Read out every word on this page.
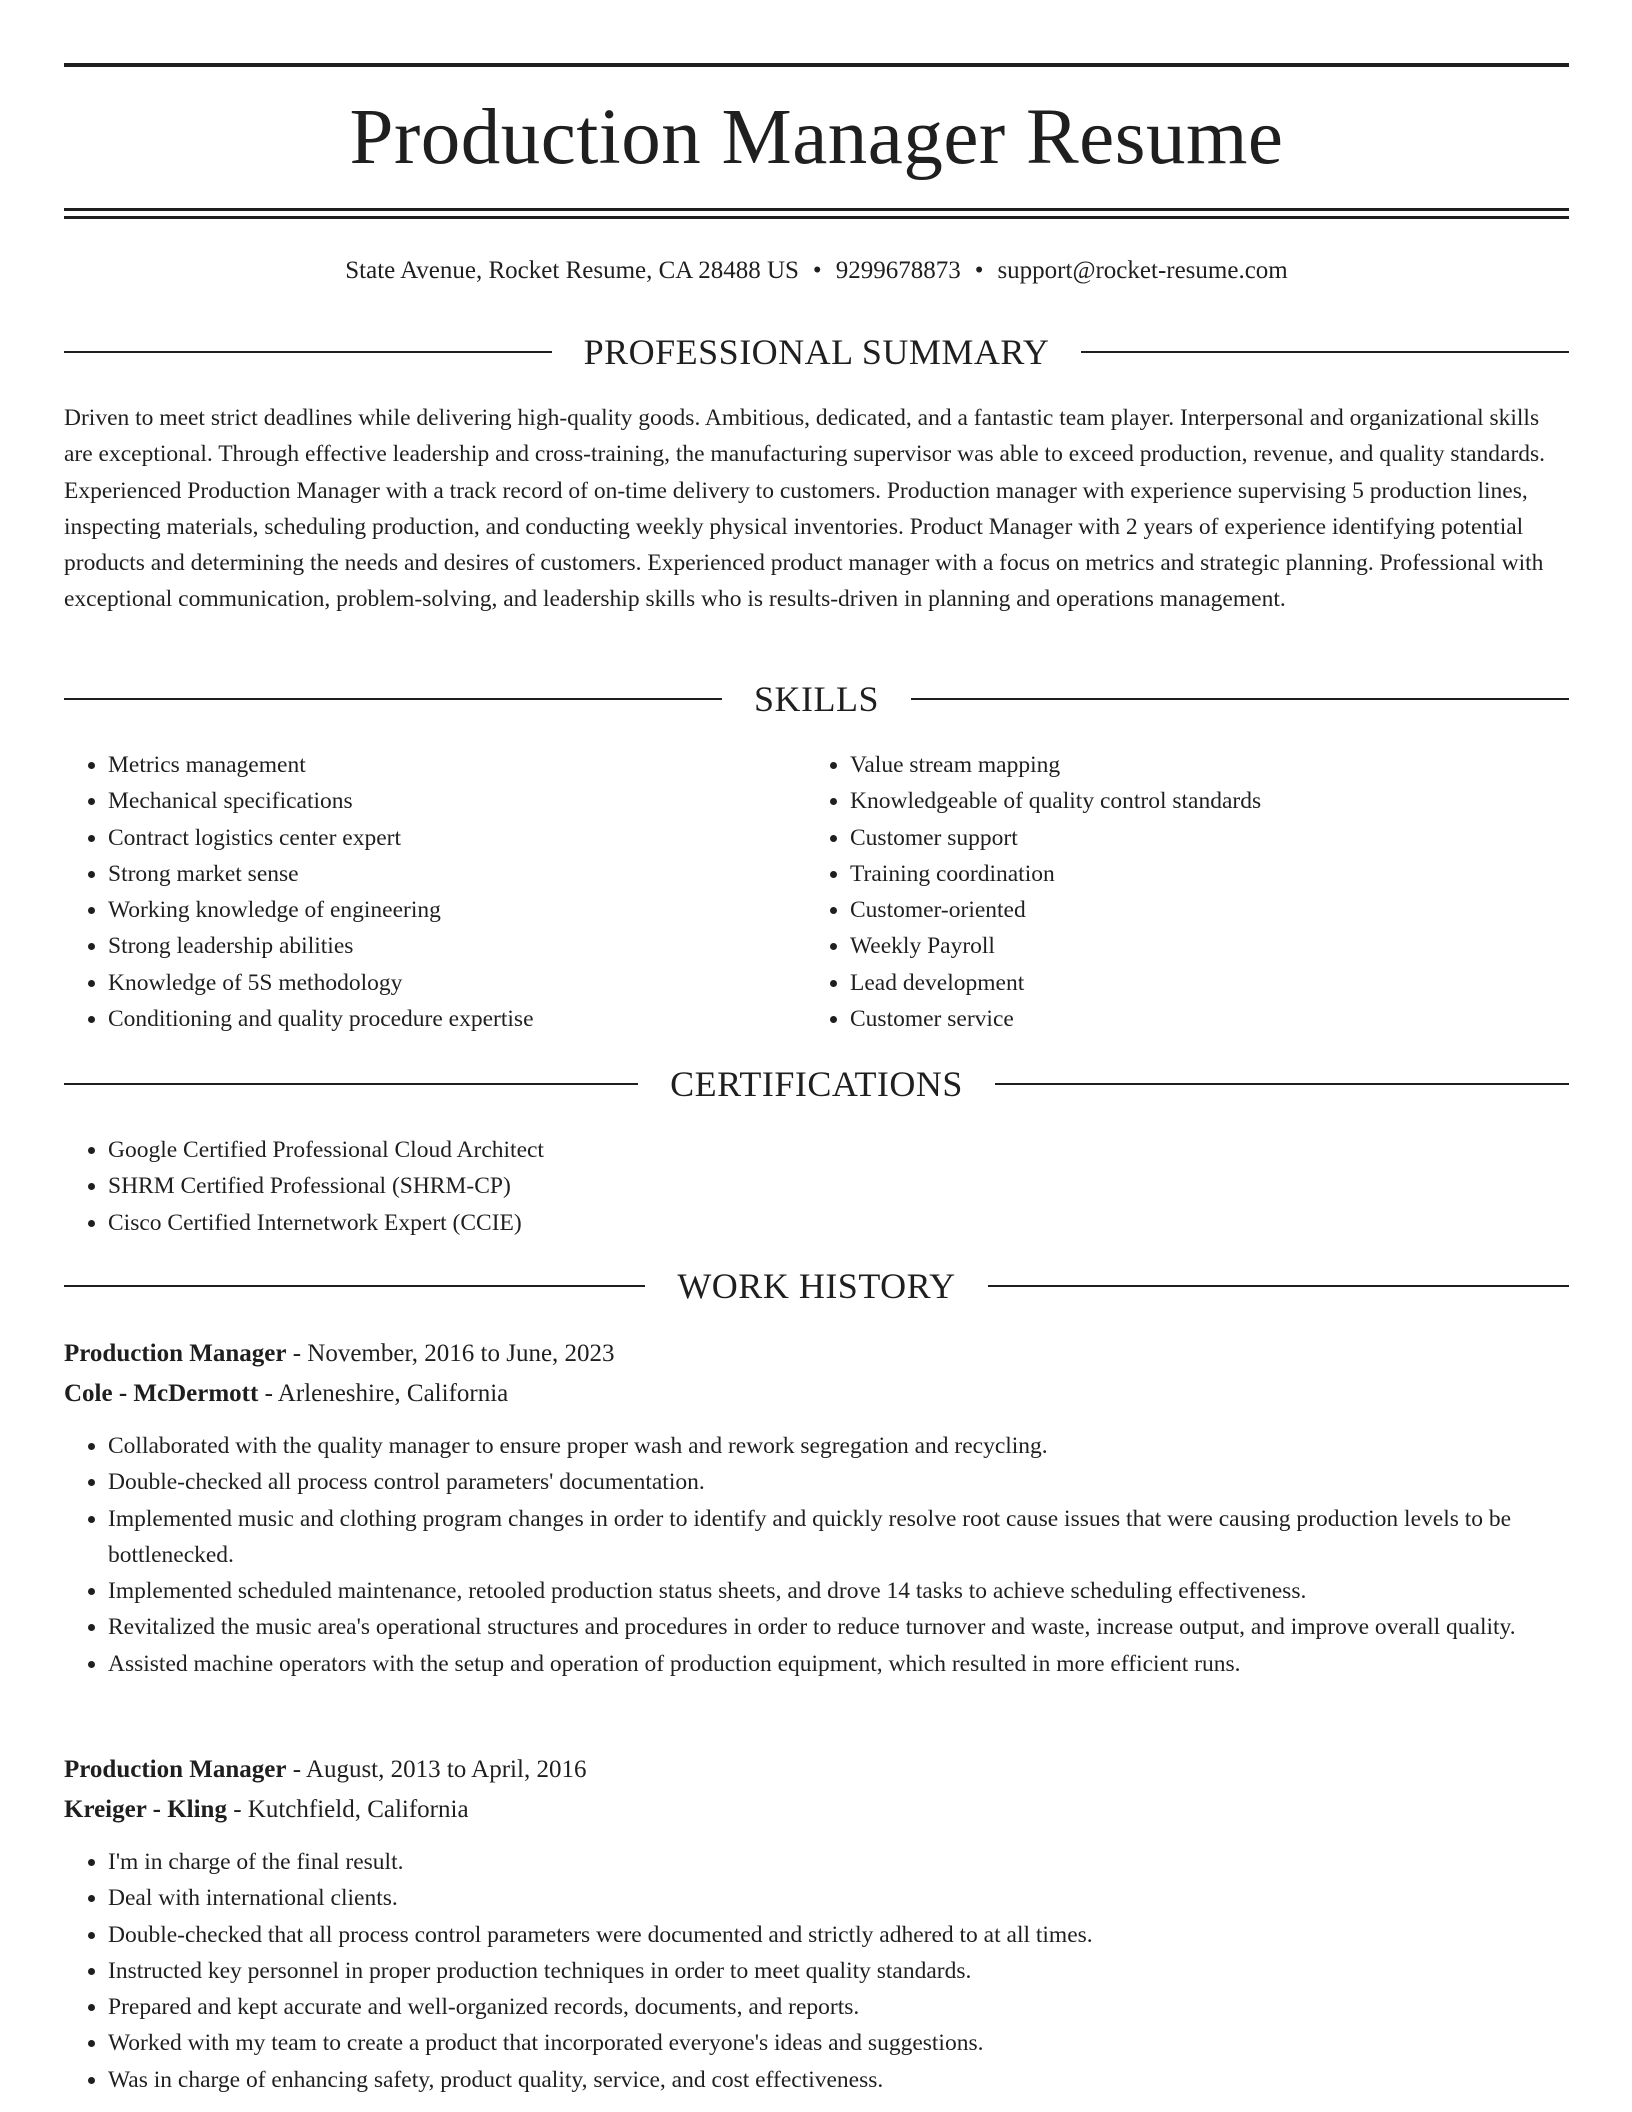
Production Manager Resume
State Avenue, Rocket Resume, CA 28488 US • 9299678873 • support@rocket-resume.com
PROFESSIONAL SUMMARY

Driven to meet strict deadlines while delivering high-quality goods. Ambitious, dedicated, and a fantastic team player. Interpersonal and organizational skills are exceptional. Through effective leadership and cross-training, the manufacturing supervisor was able to exceed production, revenue, and quality standards. Experienced Production Manager with a track record of on-time delivery to customers. Production manager with experience supervising 5 production lines, inspecting materials, scheduling production, and conducting weekly physical inventories. Product Manager with 2 years of experience identifying potential products and determining the needs and desires of customers. Experienced product manager with a focus on metrics and strategic planning. Professional with exceptional communication, problem-solving, and leadership skills who is results-driven in planning and operations management.

SKILLS
• Metrics management
• Mechanical specifications
• Contract logistics center expert
• Strong market sense
• Working knowledge of engineering
• Strong leadership abilities
• Knowledge of 5S methodology
• Conditioning and quality procedure expertise
• Value stream mapping
• Knowledgeable of quality control standards
• Customer support
• Training coordination
• Customer-oriented
• Weekly Payroll
• Lead development
• Customer service
CERTIFICATIONS
• Google Certified Professional Cloud Architect
• SHRM Certified Professional (SHRM-CP)
• Cisco Certified Internetwork Expert (CCIE)
WORK HISTORY
Production Manager - November, 2016 to June, 2023
Cole - McDermott - Arleneshire, California
• Collaborated with the quality manager to ensure proper wash and rework segregation and recycling.
• Double-checked all process control parameters' documentation.
• Implemented music and clothing program changes in order to identify and quickly resolve root cause issues that were causing production levels to be bottlenecked.
• Implemented scheduled maintenance, retooled production status sheets, and drove 14 tasks to achieve scheduling effectiveness.
• Revitalized the music area's operational structures and procedures in order to reduce turnover and waste, increase output, and improve overall quality.
• Assisted machine operators with the setup and operation of production equipment, which resulted in more efficient runs.
Production Manager - August, 2013 to April, 2016
Kreiger - Kling - Kutchfield, California
• I'm in charge of the final result.
• Deal with international clients.
• Double-checked that all process control parameters were documented and strictly adhered to at all times.
• Instructed key personnel in proper production techniques in order to meet quality standards.
• Prepared and kept accurate and well-organized records, documents, and reports.
• Worked with my team to create a product that incorporated everyone's ideas and suggestions.
• Was in charge of enhancing safety, product quality, service, and cost effectiveness.
